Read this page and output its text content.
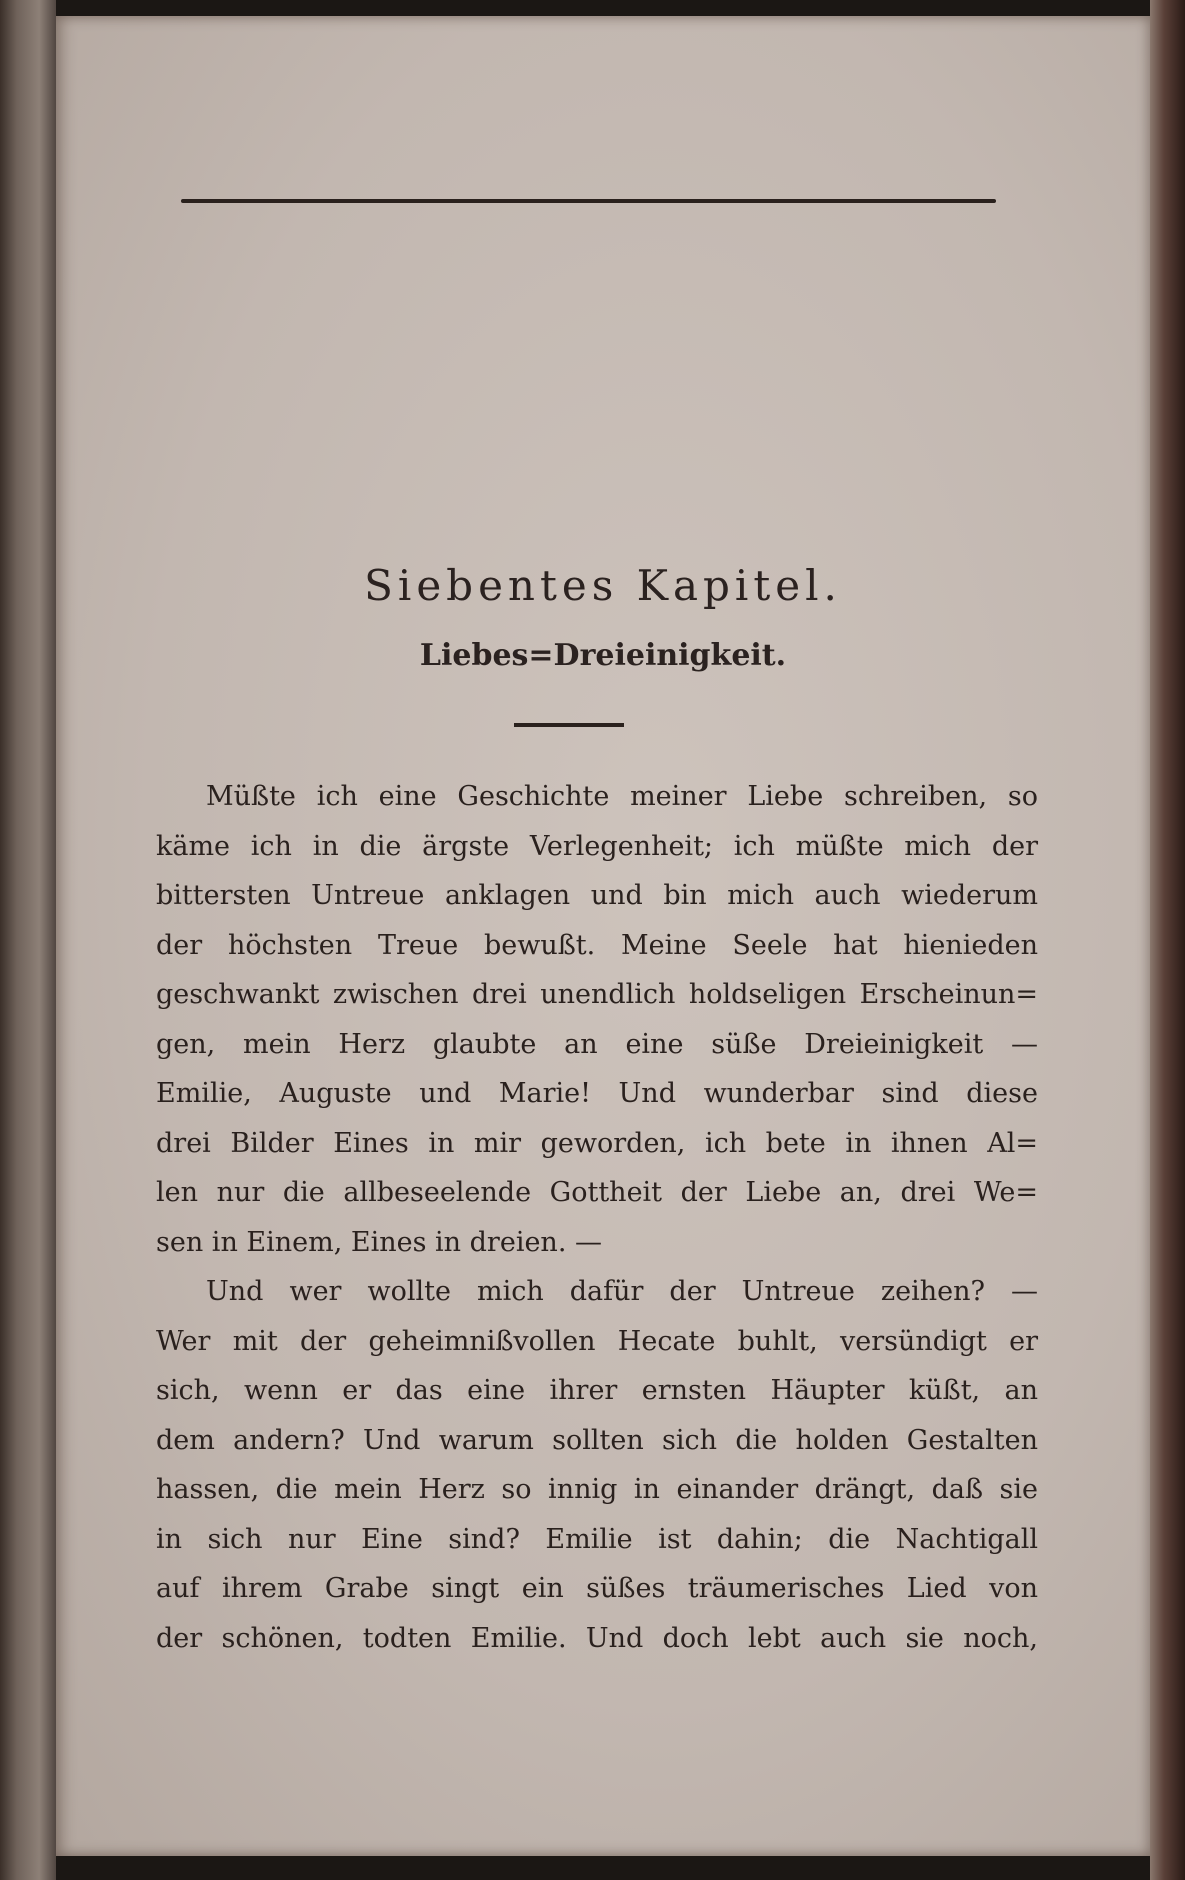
Siebentes Kapitel.
Liebes=Dreieinigkeit.
Müßte ich eine Geschichte meiner Liebe schreiben, so
käme ich in die ärgste Verlegenheit; ich müßte mich der
bittersten Untreue anklagen und bin mich auch wiederum
der höchsten Treue bewußt. Meine Seele hat hienieden
geschwankt zwischen drei unendlich holdseligen Erscheinun=
gen, mein Herz glaubte an eine süße Dreieinigkeit —
Emilie, Auguste und Marie! Und wunderbar sind diese
drei Bilder Eines in mir geworden, ich bete in ihnen Al=
len nur die allbeseelende Gottheit der Liebe an, drei We=
sen in Einem, Eines in dreien. —
Und wer wollte mich dafür der Untreue zeihen? —
Wer mit der geheimnißvollen Hecate buhlt, versündigt er
sich, wenn er das eine ihrer ernsten Häupter küßt, an
dem andern? Und warum sollten sich die holden Gestalten
hassen, die mein Herz so innig in einander drängt, daß sie
in sich nur Eine sind? Emilie ist dahin; die Nachtigall
auf ihrem Grabe singt ein süßes träumerisches Lied von
der schönen, todten Emilie. Und doch lebt auch sie noch,
